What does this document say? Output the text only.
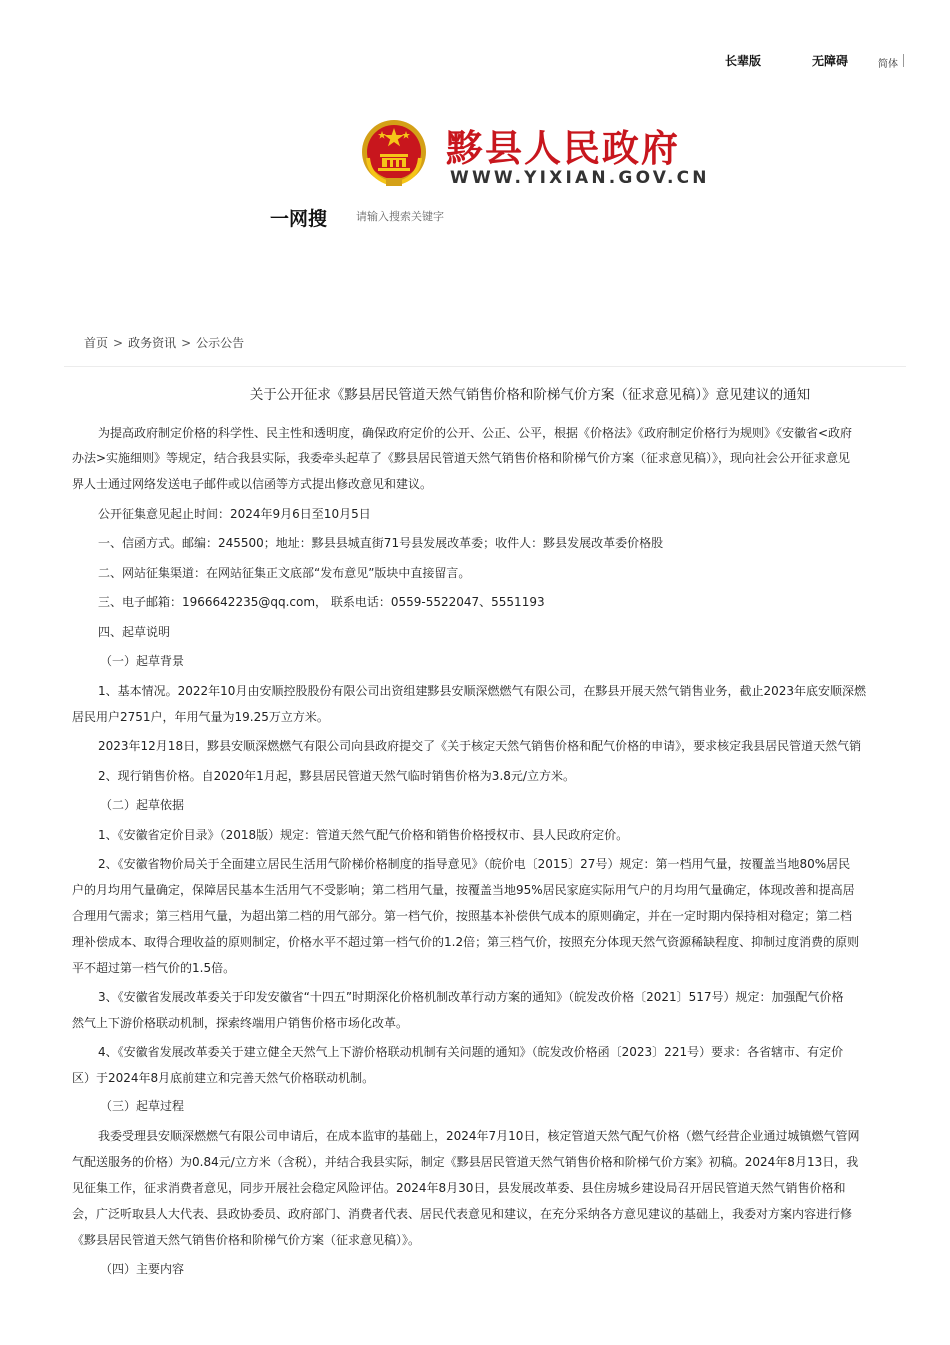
长辈版	无障碍	简体
黟县人民政府
WWW.YIXIAN.GOV.CN
一网搜
请输入搜索关键字
首页 > 政务资讯 > 公示公告
关于公开征求《黟县居民管道天然气销售价格和阶梯气价方案（征求意见稿）》意见建议的通知
为提高政府制定价格的科学性、民主性和透明度，确保政府定价的公开、公正、公平，根据《价格法》《政府制定价格行为规则》《安徽省<政府
办法>实施细则》等规定，结合我县实际，我委牵头起草了《黟县居民管道天然气销售价格和阶梯气价方案（征求意见稿）》，现向社会公开征求意见
界人士通过网络发送电子邮件或以信函等方式提出修改意见和建议。
公开征集意见起止时间：2024年9月6日至10月5日
一、信函方式。邮编：245500；地址：黟县县城直街71号县发展改革委；收件人：黟县发展改革委价格股
二、网站征集渠道：在网站征集正文底部“发布意见”版块中直接留言。
三、电子邮箱：1966642235@qq.com， 联系电话：0559-5522047、5551193
四、起草说明
（一）起草背景
1、基本情况。2022年10月由安顺控股股份有限公司出资组建黟县安顺深燃燃气有限公司，在黟县开展天然气销售业务，截止2023年底安顺深燃
居民用户2751户，年用气量为19.25万立方米。
2023年12月18日，黟县安顺深燃燃气有限公司向县政府提交了《关于核定天然气销售价格和配气价格的申请》，要求核定我县居民管道天然气销
2、现行销售价格。自2020年1月起，黟县居民管道天然气临时销售价格为3.8元/立方米。
（二）起草依据
1、《安徽省定价目录》（2018版）规定：管道天然气配气价格和销售价格授权市、县人民政府定价。
2、《安徽省物价局关于全面建立居民生活用气阶梯价格制度的指导意见》（皖价电〔2015〕27号）规定：第一档用气量，按覆盖当地80%居民
户的月均用气量确定，保障居民基本生活用气不受影响；第二档用气量，按覆盖当地95%居民家庭实际用气户的月均用气量确定，体现改善和提高居
合理用气需求；第三档用气量，为超出第二档的用气部分。第一档气价，按照基本补偿供气成本的原则确定，并在一定时期内保持相对稳定；第二档
理补偿成本、取得合理收益的原则制定，价格水平不超过第一档气价的1.2倍；第三档气价，按照充分体现天然气资源稀缺程度、抑制过度消费的原则
平不超过第一档气价的1.5倍。
3、《安徽省发展改革委关于印发安徽省“十四五”时期深化价格机制改革行动方案的通知》（皖发改价格〔2021〕517号）规定：加强配气价格
然气上下游价格联动机制，探索终端用户销售价格市场化改革。
4、《安徽省发展改革委关于建立健全天然气上下游价格联动机制有关问题的通知》（皖发改价格函〔2023〕221号）要求：各省辖市、有定价
区）于2024年8月底前建立和完善天然气价格联动机制。
（三）起草过程
我委受理县安顺深燃燃气有限公司申请后，在成本监审的基础上，2024年7月10日，核定管道天然气配气价格（燃气经营企业通过城镇燃气管网
气配送服务的价格）为0.84元/立方米（含税），并结合我县实际，制定《黟县居民管道天然气销售价格和阶梯气价方案》初稿。2024年8月13日，我
见征集工作，征求消费者意见，同步开展社会稳定风险评估。2024年8月30日，县发展改革委、县住房城乡建设局召开居民管道天然气销售价格和
会，广泛听取县人大代表、县政协委员、政府部门、消费者代表、居民代表意见和建议，在充分采纳各方意见建议的基础上，我委对方案内容进行修
《黟县居民管道天然气销售价格和阶梯气价方案（征求意见稿）》。
（四）主要内容
